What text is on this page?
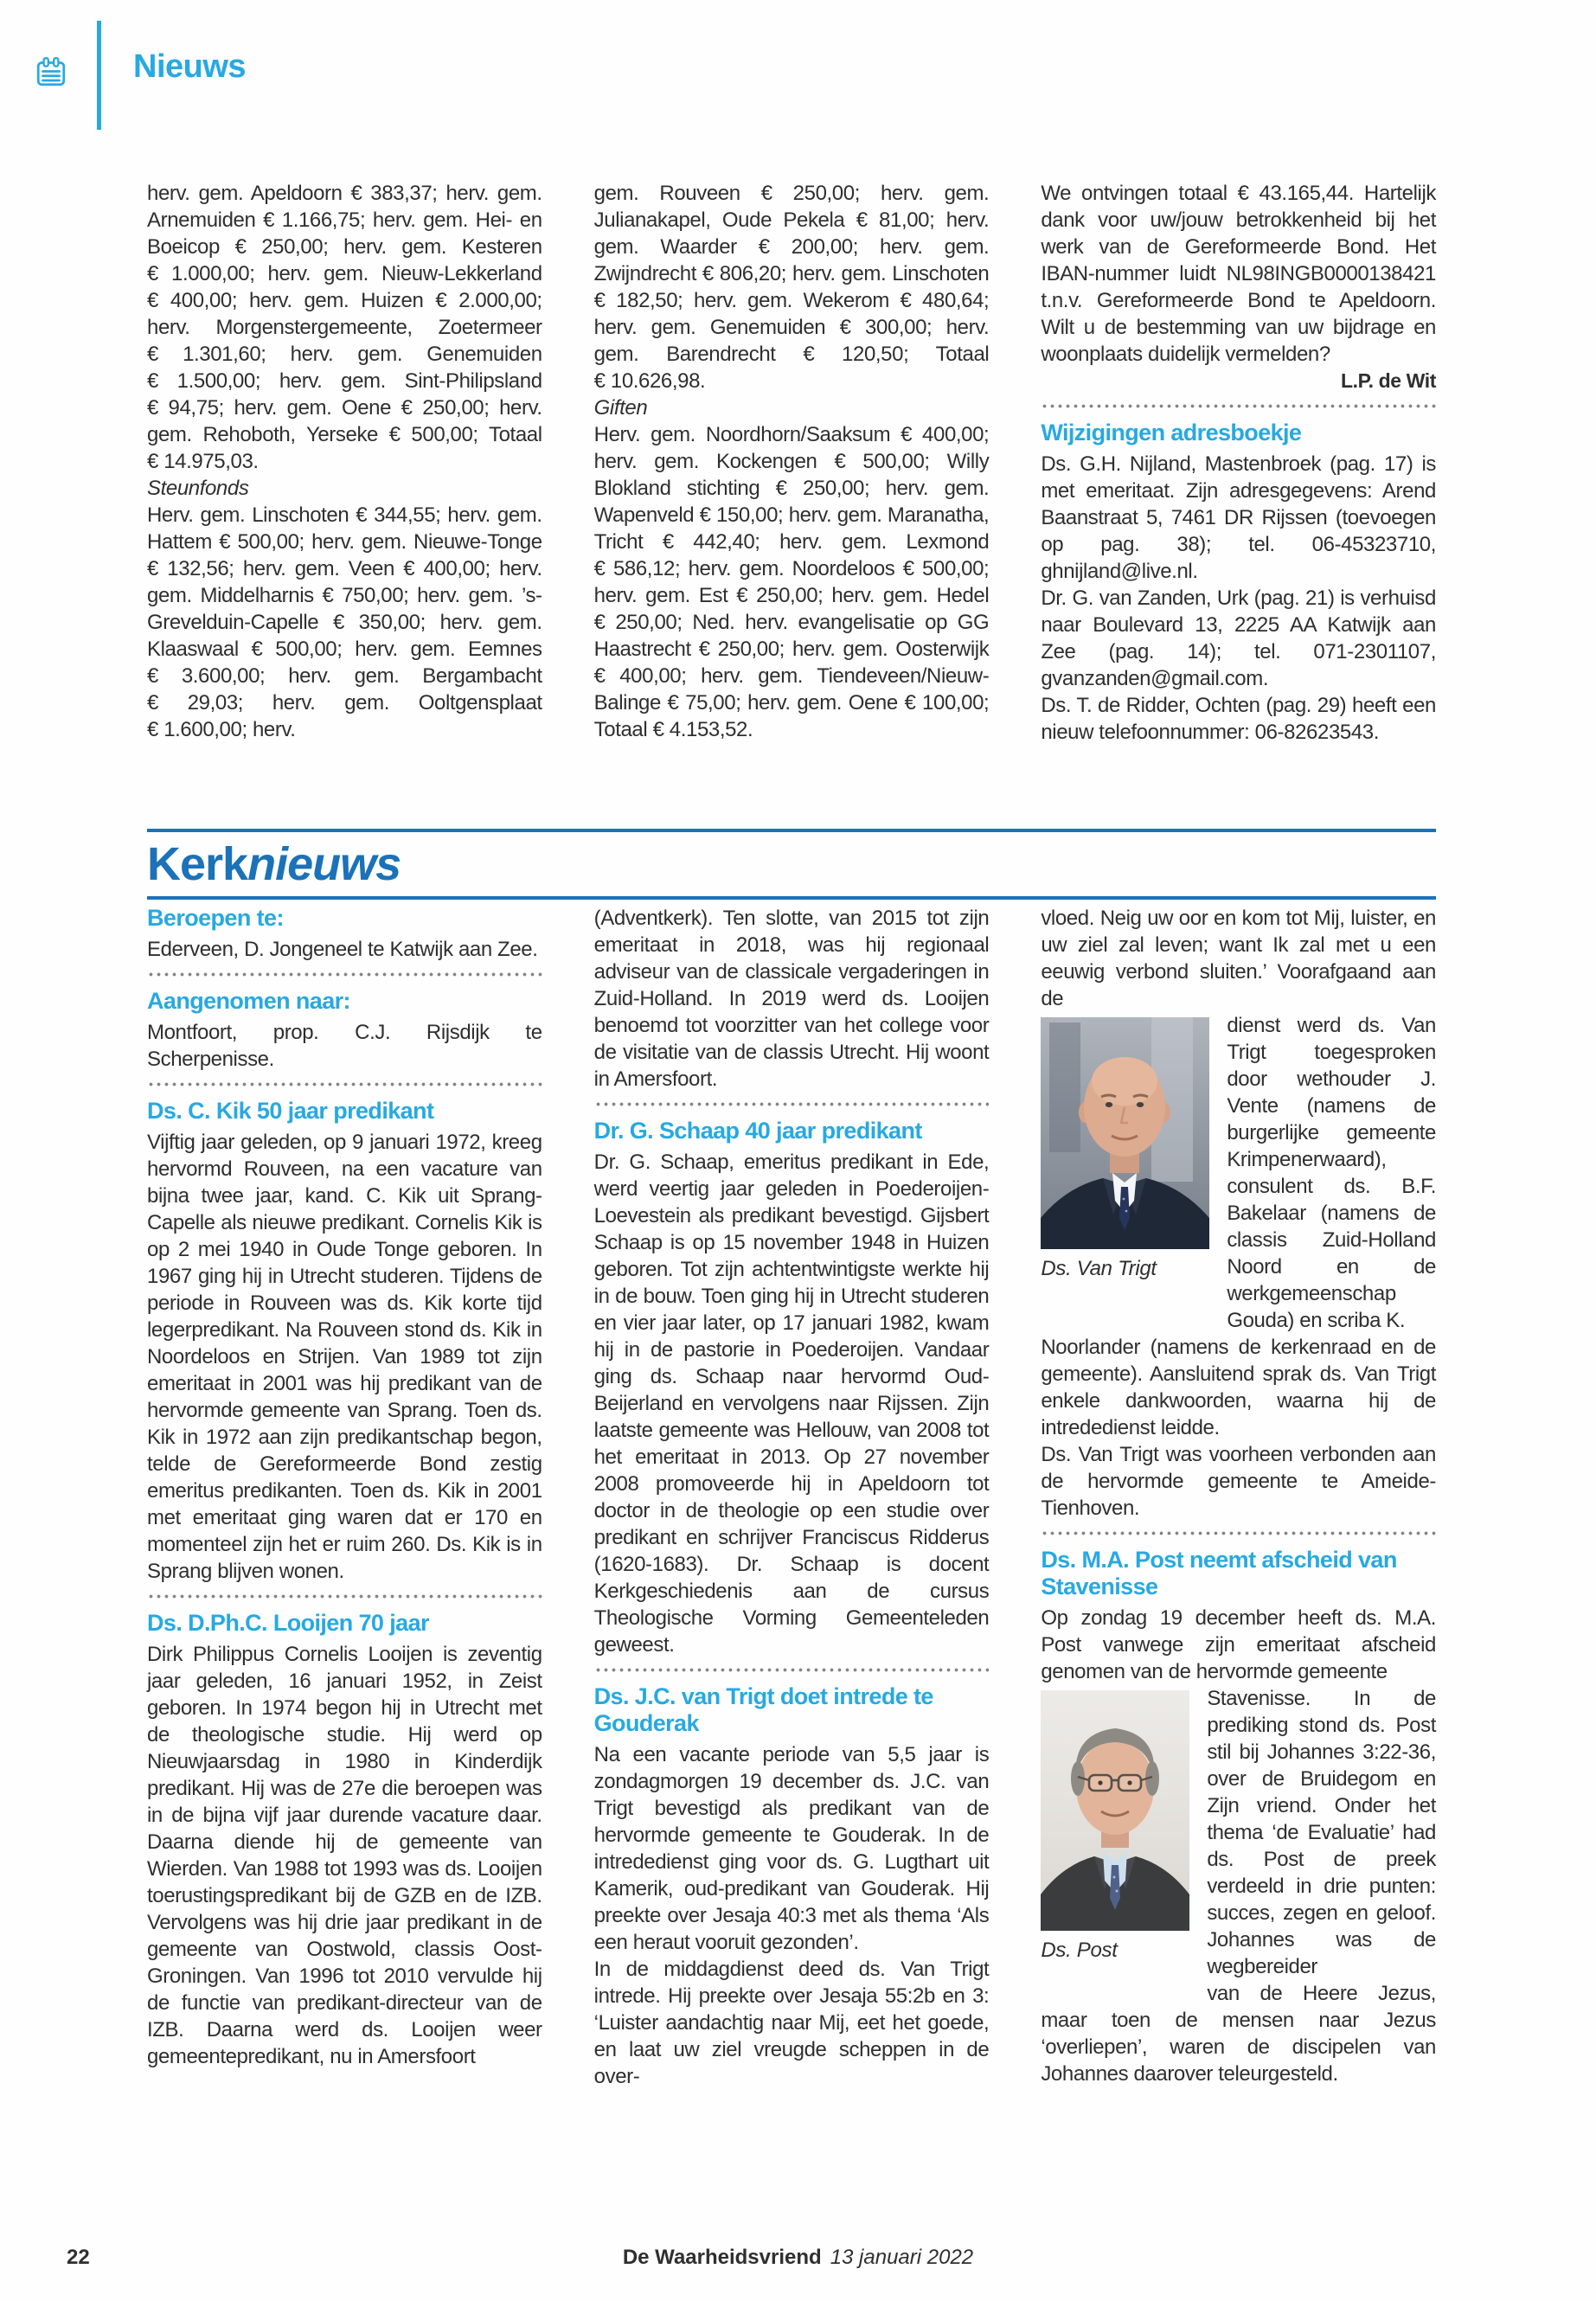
Nieuws

herv. gem. Apeldoorn € 383,37; herv. gem. Arnemuiden € 1.166,75; herv. gem. Hei- en Boeicop € 250,00; herv. gem. Kesteren € 1.000,00; herv. gem. Nieuw-Lekkerland € 400,00; herv. gem. Huizen € 2.000,00; herv. Morgenstergemeente, Zoetermeer € 1.301,60; herv. gem. Genemuiden € 1.500,00; herv. gem. Sint-Philipsland € 94,75; herv. gem. Oene € 250,00; herv. gem. Rehoboth, Yerseke € 500,00; Totaal € 14.975,03.

Steunfonds

Herv. gem. Linschoten € 344,55; herv. gem. Hattem € 500,00; herv. gem. Nieuwe-Tonge € 132,56; herv. gem. Veen € 400,00; herv. gem. Middelharnis € 750,00; herv. gem. ’s-Grevelduin-Capelle € 350,00; herv. gem. Klaaswaal € 500,00; herv. gem. Eemnes € 3.600,00; herv. gem. Bergambacht € 29,03; herv. gem. Ooltgensplaat € 1.600,00; herv.

gem. Rouveen € 250,00; herv. gem. Julianakapel, Oude Pekela € 81,00; herv. gem. Waarder € 200,00; herv. gem. Zwijndrecht € 806,20; herv. gem. Linschoten € 182,50; herv. gem. Wekerom € 480,64; herv. gem. Genemuiden € 300,00; herv. gem. Barendrecht € 120,50; Totaal € 10.626,98.

Giften

Herv. gem. Noordhorn/Saaksum € 400,00; herv. gem. Kockengen € 500,00; Willy Blokland stichting € 250,00; herv. gem. Wapenveld € 150,00; herv. gem. Maranatha, Tricht € 442,40; herv. gem. Lexmond € 586,12; herv. gem. Noordeloos € 500,00; herv. gem. Est € 250,00; herv. gem. Hedel € 250,00; Ned. herv. evangelisatie op GG Haastrecht € 250,00; herv. gem. Oosterwijk € 400,00; herv. gem. Tiendeveen/Nieuw-Balinge € 75,00; herv. gem. Oene € 100,00; Totaal € 4.153,52.

We ontvingen totaal € 43.165,44. Hartelijk dank voor uw/jouw betrokkenheid bij het werk van de Gereformeerde Bond. Het IBAN-nummer luidt NL98INGB0000138421 t.n.v. Gereformeerde Bond te Apeldoorn. Wilt u de bestemming van uw bijdrage en woonplaats duidelijk vermelden?

L.P. de Wit

Wijzigingen adresboekje

Ds. G.H. Nijland, Mastenbroek (pag. 17) is met emeritaat. Zijn adresgegevens: Arend Baanstraat 5, 7461 DR Rijssen (toevoegen op pag. 38); tel. 06-45323710, ghnijland@live.nl.

Dr. G. van Zanden, Urk (pag. 21) is verhuisd naar Boulevard 13, 2225 AA Katwijk aan Zee (pag. 14); tel. 071-2301107, gvanzanden@gmail.com.

Ds. T. de Ridder, Ochten (pag. 29) heeft een nieuw telefoonnummer: 06-82623543.

Kerknieuws
Beroepen te:

Ederveen, D. Jongeneel te Katwijk aan Zee.

Aangenomen naar:

Montfoort, prop. C.J. Rijsdijk te Scherpenisse.

Ds. C. Kik 50 jaar predikant

Vijftig jaar geleden, op 9 januari 1972, kreeg hervormd Rouveen, na een vacature van bijna twee jaar, kand. C. Kik uit Sprang-Capelle als nieuwe predikant. Cornelis Kik is op 2 mei 1940 in Oude Tonge geboren. In 1967 ging hij in Utrecht studeren. Tijdens de periode in Rouveen was ds. Kik korte tijd legerpredikant. Na Rouveen stond ds. Kik in Noordeloos en Strijen. Van 1989 tot zijn emeritaat in 2001 was hij predikant van de hervormde gemeente van Sprang. Toen ds. Kik in 1972 aan zijn predikantschap begon, telde de Gereformeerde Bond zestig emeritus predikanten. Toen ds. Kik in 2001 met emeritaat ging waren dat er 170 en momenteel zijn het er ruim 260. Ds. Kik is in Sprang blijven wonen.

Ds. D.Ph.C. Looijen 70 jaar

Dirk Philippus Cornelis Looijen is zeventig jaar geleden, 16 januari 1952, in Zeist geboren. In 1974 begon hij in Utrecht met de theologische studie. Hij werd op Nieuwjaarsdag in 1980 in Kinderdijk predikant. Hij was de 27e die beroepen was in de bijna vijf jaar durende vacature daar. Daarna diende hij de gemeente van Wierden. Van 1988 tot 1993 was ds. Looijen toerustingspredikant bij de GZB en de IZB. Vervolgens was hij drie jaar predikant in de gemeente van Oostwold, classis Oost-Groningen. Van 1996 tot 2010 vervulde hij de functie van predikant-directeur van de IZB. Daarna werd ds. Looijen weer gemeentepredikant, nu in Amersfoort

(Adventkerk). Ten slotte, van 2015 tot zijn emeritaat in 2018, was hij regionaal adviseur van de classicale vergaderingen in Zuid-Holland. In 2019 werd ds. Looijen benoemd tot voorzitter van het college voor de visitatie van de classis Utrecht. Hij woont in Amersfoort.

Dr. G. Schaap 40 jaar predikant

Dr. G. Schaap, emeritus predikant in Ede, werd veertig jaar geleden in Poederoijen-Loevestein als predikant bevestigd. Gijsbert Schaap is op 15 november 1948 in Huizen geboren. Tot zijn achtentwintigste werkte hij in de bouw. Toen ging hij in Utrecht studeren en vier jaar later, op 17 januari 1982, kwam hij in de pastorie in Poederoijen. Vandaar ging ds. Schaap naar hervormd Oud-Beijerland en vervolgens naar Rijssen. Zijn laatste gemeente was Hellouw, van 2008 tot het emeritaat in 2013. Op 27 november 2008 promoveerde hij in Apeldoorn tot doctor in de theologie op een studie over predikant en schrijver Franciscus Ridderus (1620-1683). Dr. Schaap is docent Kerkgeschiedenis aan de cursus Theologische Vorming Gemeenteleden geweest.

Ds. J.C. van Trigt doet intrede te Gouderak

Na een vacante periode van 5,5 jaar is zondagmorgen 19 december ds. J.C. van Trigt bevestigd als predikant van de hervormde gemeente te Gouderak. In de intrededienst ging voor ds. G. Lugthart uit Kamerik, oud-predikant van Gouderak. Hij preekte over Jesaja 40:3 met als thema ‘Als een heraut vooruit gezonden’.

In de middagdienst deed ds. Van Trigt intrede. Hij preekte over Jesaja 55:2b en 3: ‘Luister aandachtig naar Mij, eet het goede, en laat uw ziel vreugde scheppen in de over-

vloed. Neig uw oor en kom tot Mij, luister, en uw ziel zal leven; want Ik zal met u een eeuwig verbond sluiten.’ Voorafgaand aan de

Ds. Van Trigt

dienst werd ds. Van Trigt toegesproken door wethouder J. Vente (namens de burgerlijke gemeente Krimpenerwaard), consulent ds. B.F. Bakelaar (namens de classis Zuid-Holland Noord en de werkgemeenschap Gouda) en scriba K.

Noorlander (namens de kerkenraad en de gemeente). Aansluitend sprak ds. Van Trigt enkele dankwoorden, waarna hij de intrededienst leidde.

Ds. Van Trigt was voorheen verbonden aan de hervormde gemeente te Ameide-Tienhoven.

Ds. M.A. Post neemt afscheid van Stavenisse

Op zondag 19 december heeft ds. M.A. Post vanwege zijn emeritaat afscheid genomen van de hervormde gemeente

Ds. Post

Stavenisse. In de prediking stond ds. Post stil bij Johannes 3:22-36, over de Bruidegom en Zijn vriend. Onder het thema ‘de Evaluatie’ had ds. Post de preek verdeeld in drie punten: succes, zegen en geloof. Johannes was de wegbereider

van de Heere Jezus, maar toen de mensen naar Jezus ‘overliepen’, waren de discipelen van Johannes daarover teleurgesteld.

22	De Waarheidsvriend 13 januari 2022
